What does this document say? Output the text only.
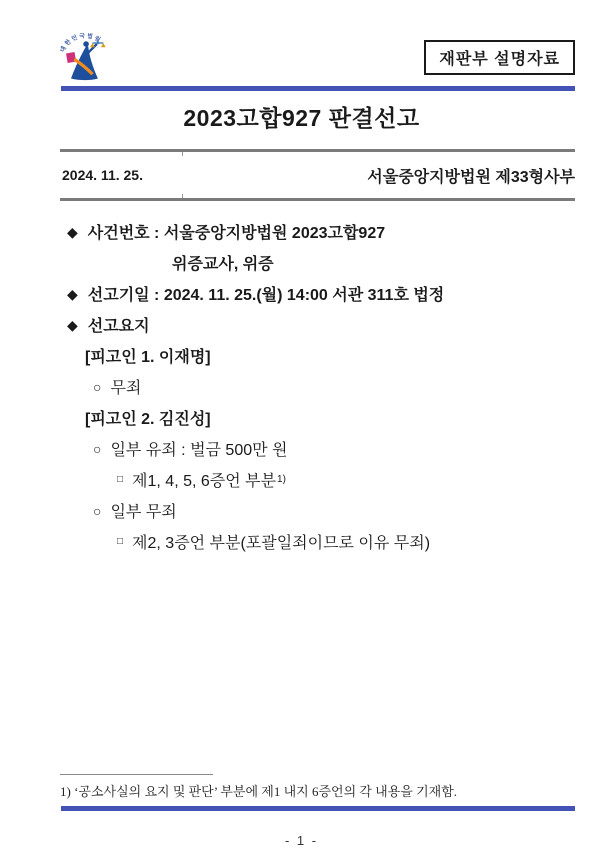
대한민국법원
재판부 설명자료
2023고합927 판결선고
2024. 11. 25.	서울중앙지방법원 제33형사부
◆ 사건번호 : 서울중앙지방법원 2023고합927
위증교사, 위증
◆ 선고기일 : 2024. 11. 25.(월) 14:00 서관 311호 법정
◆ 선고요지
[피고인 1. 이재명]
○ 무죄
[피고인 2. 김진성]
○ 일부 유죄 : 벌금 500만 원
□ 제1, 4, 5, 6증언 부분 1)
○ 일부 무죄
□ 제2, 3증언 부분(포괄일죄이므로 이유 무죄)
1) ‘공소사실의 요지 및 판단’ 부분에 제1 내지 6증언의 각 내용을 기재함.
- 1 -
